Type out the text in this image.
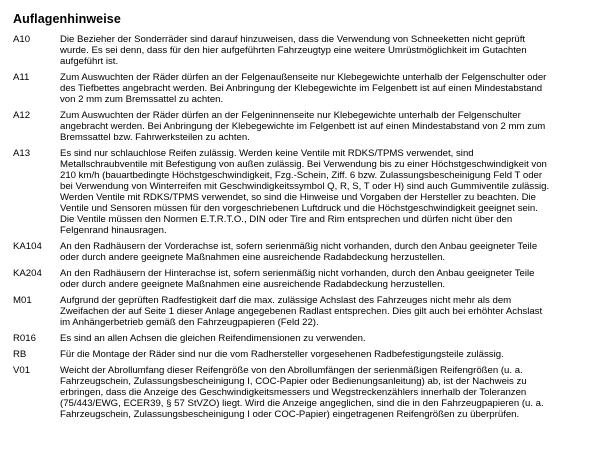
Auflagenhinweise
A10	Die Bezieher der Sonderräder sind darauf hinzuweisen, dass die Verwendung von Schneeketten nicht geprüft
wurde. Es sei denn, dass für den hier aufgeführten Fahrzeugtyp eine weitere Umrüstmöglichkeit im Gutachten
aufgeführt ist.
A11	Zum Auswuchten der Räder dürfen an der Felgenaußenseite nur Klebegewichte unterhalb der Felgenschulter oder
des Tiefbettes angebracht werden. Bei Anbringung der Klebegewichte im Felgenbett ist auf einen Mindestabstand
von 2 mm zum Bremssattel zu achten.
A12	Zum Auswuchten der Räder dürfen an der Felgeninnenseite nur Klebegewichte unterhalb der Felgenschulter
angebracht werden. Bei Anbringung der Klebegewichte im Felgenbett ist auf einen Mindestabstand von 2 mm zum
Bremssattel bzw. Fahrwerksteilen zu achten.
A13	Es sind nur schlauchlose Reifen zulässig. Werden keine Ventile mit RDKS/TPMS verwendet, sind
Metallschraubventile mit Befestigung von außen zulässig. Bei Verwendung bis zu einer Höchstgeschwindigkeit von
210 km/h (bauartbedingte Höchstgeschwindigkeit, Fzg.-Schein, Ziff. 6 bzw. Zulassungsbescheinigung Feld T oder
bei Verwendung von Winterreifen mit Geschwindigkeitssymbol Q, R, S, T oder H) sind auch Gummiventile zulässig.
Werden Ventile mit RDKS/TPMS verwendet, so sind die Hinweise und Vorgaben der Hersteller zu beachten. Die
Ventile und Sensoren müssen für den vorgeschriebenen Luftdruck und die Höchstgeschwindigkeit geeignet sein.
Die Ventile müssen den Normen E.T.R.T.O., DIN oder Tire and Rim entsprechen und dürfen nicht über den
Felgenrand hinausragen.
KA104	An den Radhäusern der Vorderachse ist, sofern serienmäßig nicht vorhanden, durch den Anbau geeigneter Teile
oder durch andere geeignete Maßnahmen eine ausreichende Radabdeckung herzustellen.
KA204	An den Radhäusern der Hinterachse ist, sofern serienmäßig nicht vorhanden, durch den Anbau geeigneter Teile
oder durch andere geeignete Maßnahmen eine ausreichende Radabdeckung herzustellen.
M01	Aufgrund der geprüften Radfestigkeit darf die max. zulässige Achslast des Fahrzeuges nicht mehr als dem
Zweifachen der auf Seite 1 dieser Anlage angegebenen Radlast entsprechen. Dies gilt auch bei erhöhter Achslast
im Anhängerbetrieb gemäß den Fahrzeugpapieren (Feld 22).
R016	Es sind an allen Achsen die gleichen Reifendimensionen zu verwenden.
RB	Für die Montage der Räder sind nur die vom Radhersteller vorgesehenen Radbefestigungsteile zulässig.
V01	Weicht der Abrollumfang dieser Reifengröße von den Abrollumfängen der serienmäßigen Reifengrößen (u. a.
Fahrzeugschein, Zulassungsbescheinigung I, COC-Papier oder Bedienungsanleitung) ab, ist der Nachweis zu
erbringen, dass die Anzeige des Geschwindigkeitsmessers und Wegstreckenzählers innerhalb der Toleranzen
(75/443/EWG, ECER39, § 57 StVZO) liegt. Wird die Anzeige angeglichen, sind die in den Fahrzeugpapieren (u. a.
Fahrzeugschein, Zulassungsbescheinigung I oder COC-Papier) eingetragenen Reifengrößen zu überprüfen.
